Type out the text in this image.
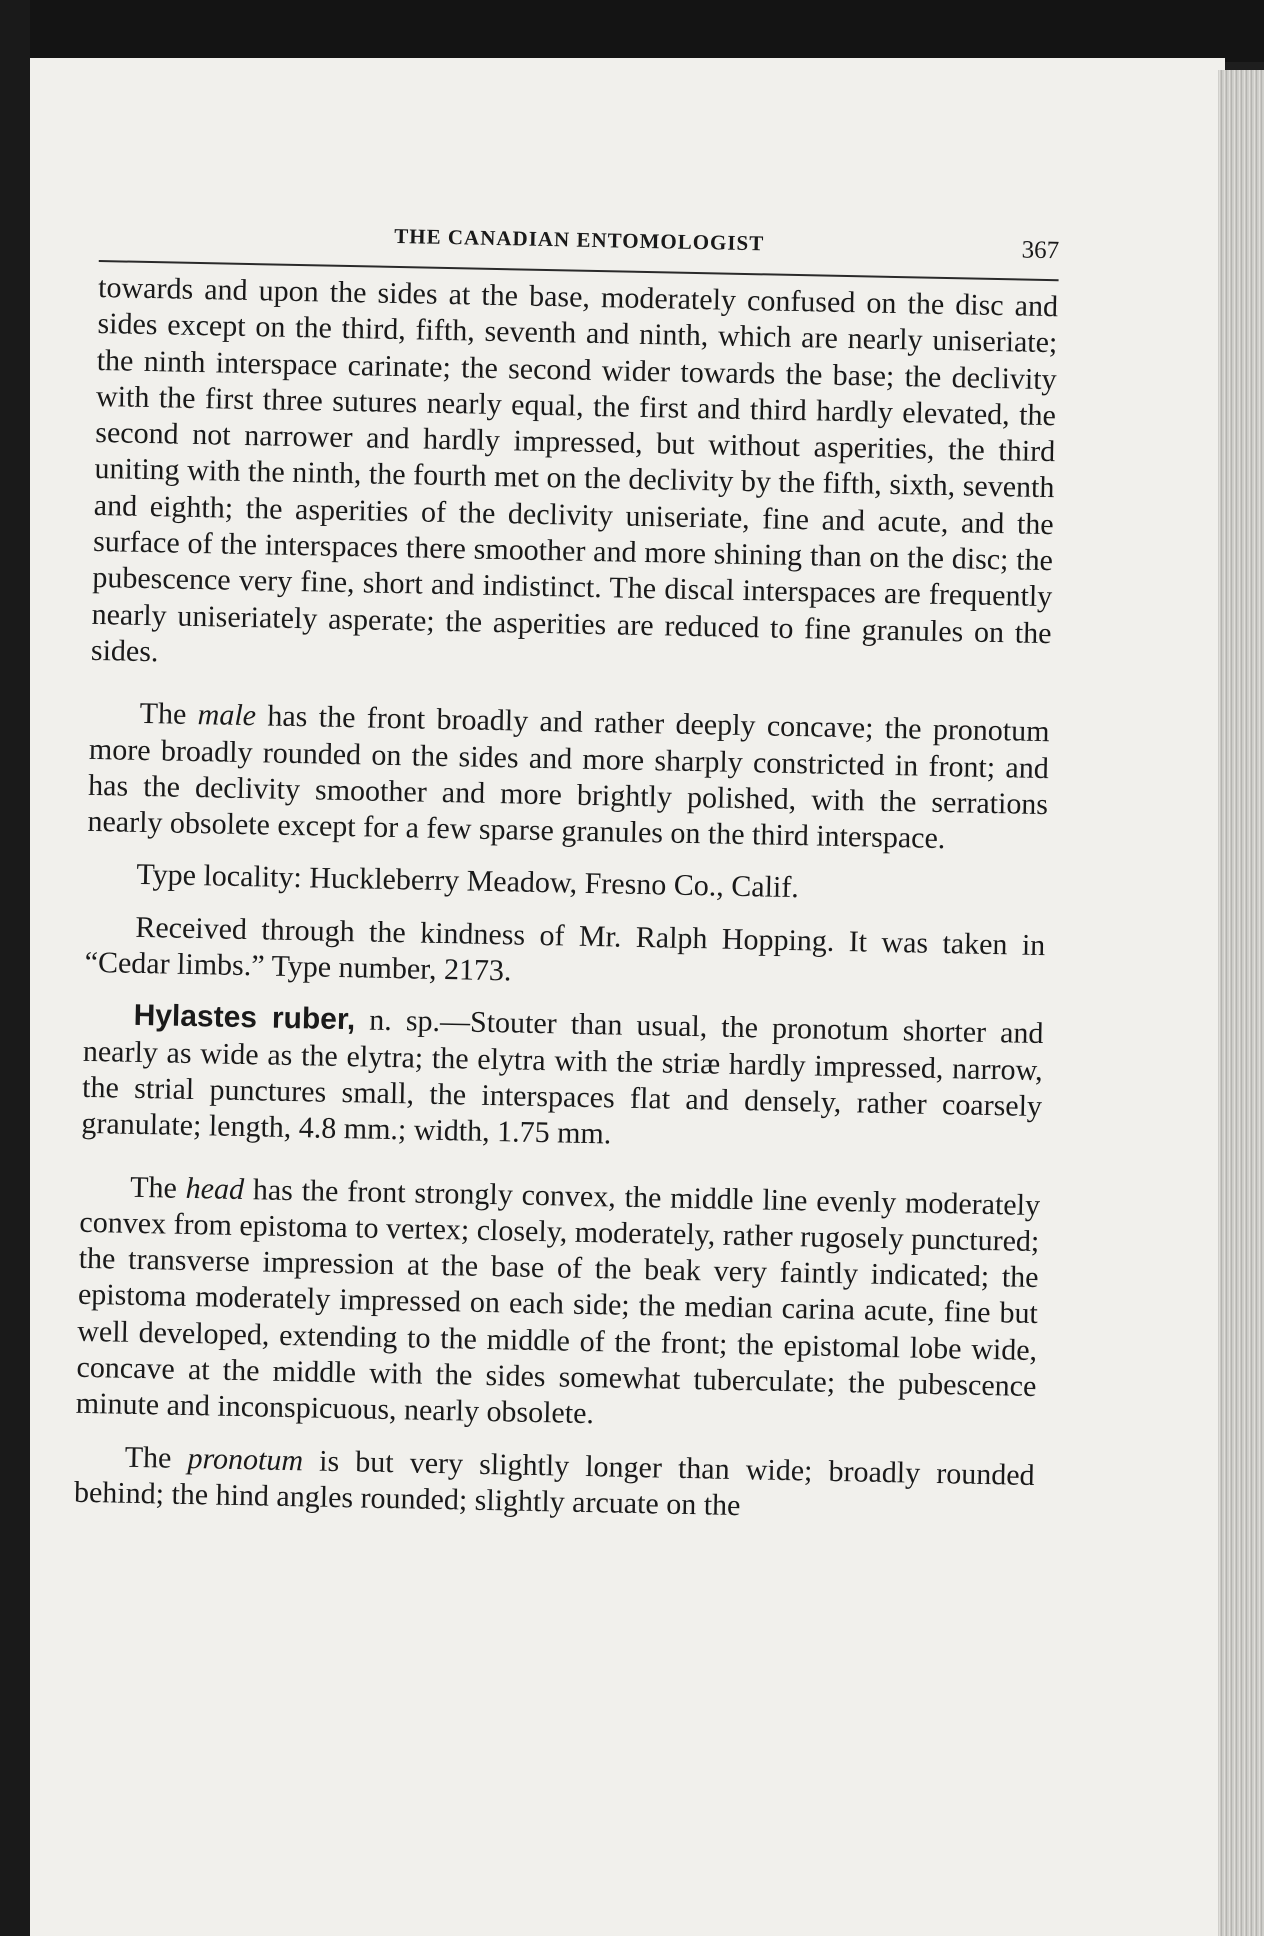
THE CANADIAN ENTOMOLOGIST	367

towards and upon the sides at the base, moderately confused on the disc and sides except on the third, fifth, seventh and ninth, which are nearly uniseriate; the ninth interspace carinate; the second wider towards the base; the declivity with the first three sutures nearly equal, the first and third hardly elevated, the second not narrower and hardly impressed, but without asperities, the third uniting with the ninth, the fourth met on the declivity by the fifth, sixth, seventh and eighth; the asperities of the declivity uniseriate, fine and acute, and the surface of the interspaces there smoother and more shining than on the disc; the pubescence very fine, short and indistinct. The discal interspaces are frequently nearly uniseriately asperate; the asperities are reduced to fine granules on the sides.

The male has the front broadly and rather deeply concave; the pronotum more broadly rounded on the sides and more sharply constricted in front; and has the declivity smoother and more brightly polished, with the serrations nearly obsolete except for a few sparse granules on the third interspace.

Type locality: Huckleberry Meadow, Fresno Co., Calif.

Received through the kindness of Mr. Ralph Hopping. It was taken in “Cedar limbs.” Type number, 2173.

Hylastes ruber, n. sp.—Stouter than usual, the pronotum shorter and nearly as wide as the elytra; the elytra with the striæ hardly impressed, narrow, the strial punctures small, the interspaces flat and densely, rather coarsely granulate; length, 4.8 mm.; width, 1.75 mm.

The head has the front strongly convex, the middle line evenly moderately convex from epistoma to vertex; closely, moderately, rather rugosely punctured; the transverse impression at the base of the beak very faintly indicated; the epistoma moderately impressed on each side; the median carina acute, fine but well developed, extending to the middle of the front; the epistomal lobe wide, concave at the middle with the sides somewhat tuberculate; the pubescence minute and inconspicuous, nearly obsolete.

The pronotum is but very slightly longer than wide; broadly rounded behind; the hind angles rounded; slightly arcuate on the
